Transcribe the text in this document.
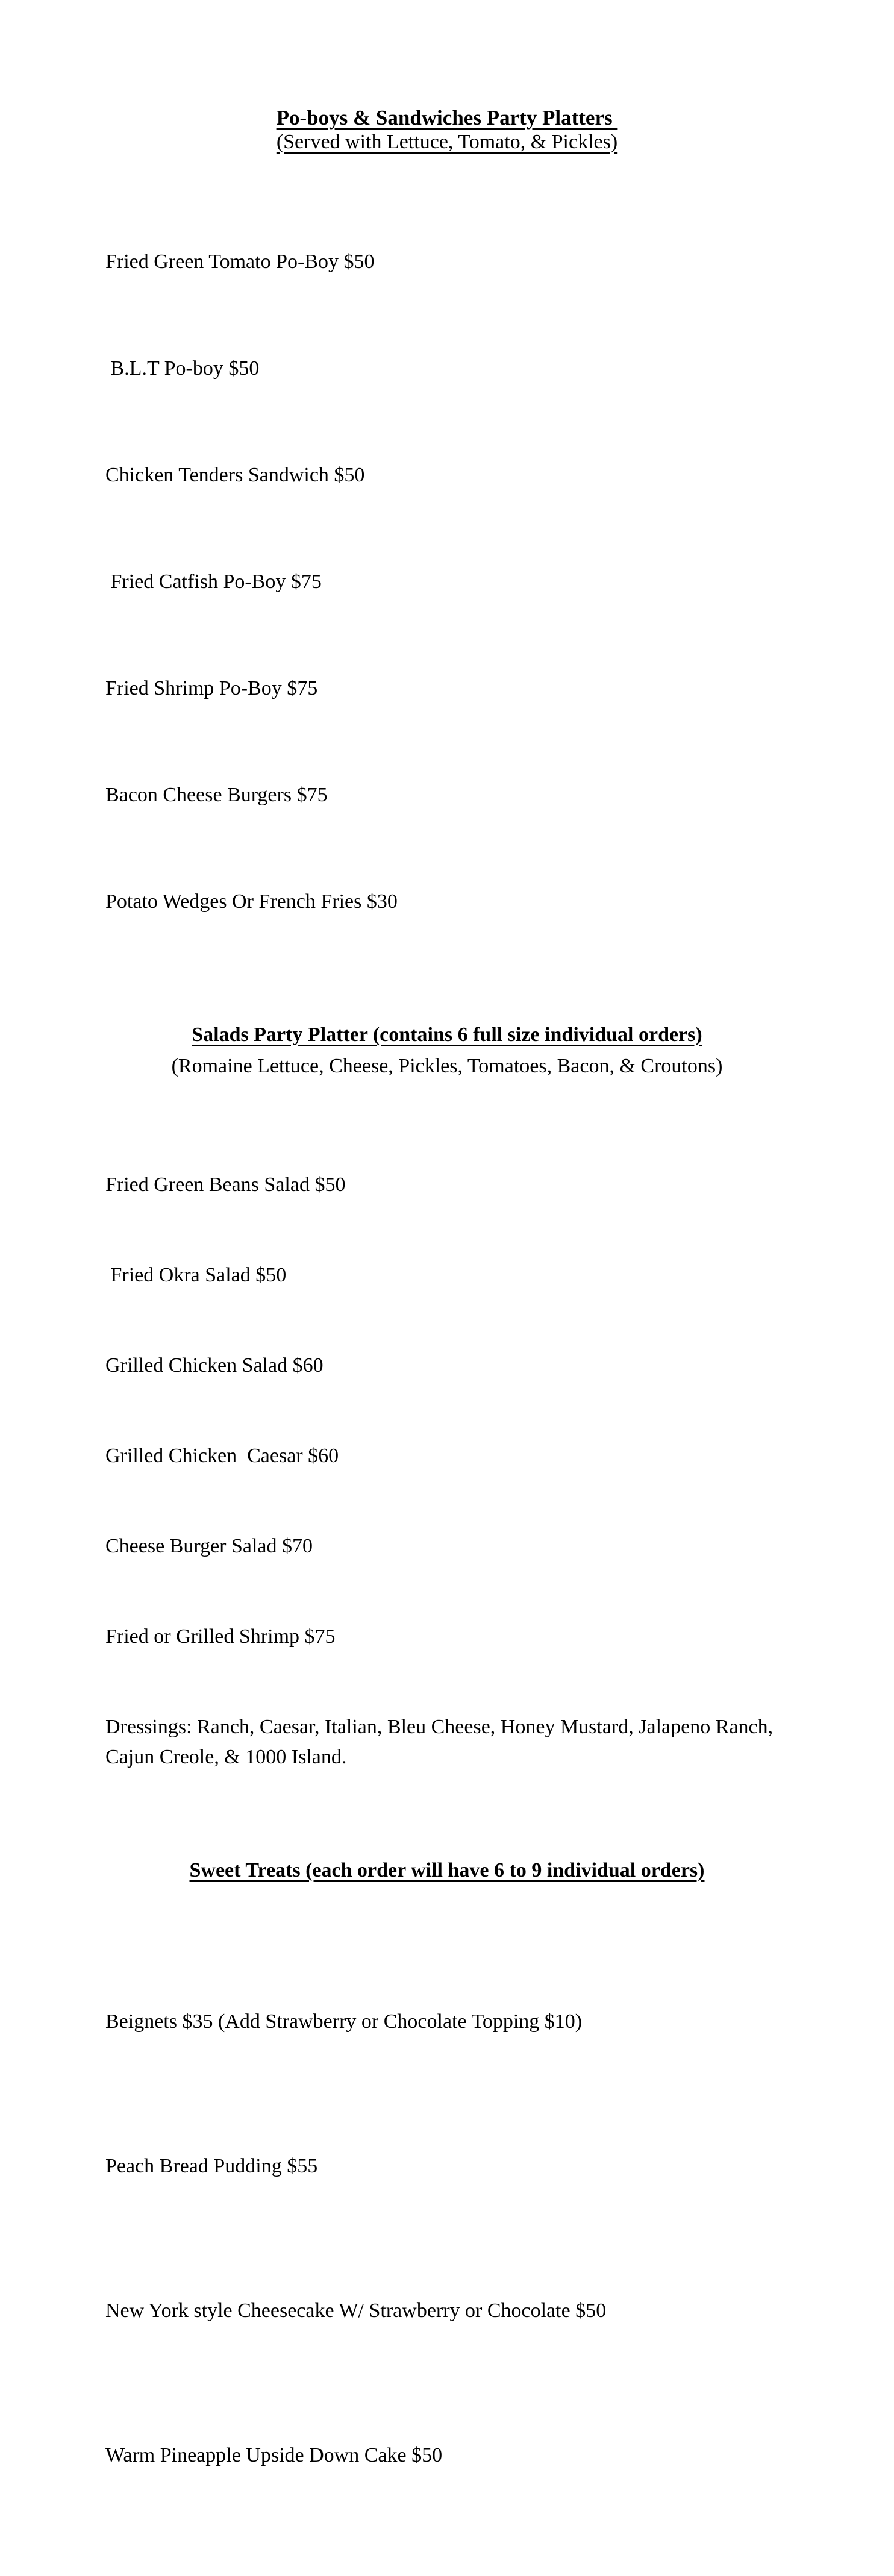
Po-boys & Sandwiches Party Platters
(Served with Lettuce, Tomato, & Pickles)

Fried Green Tomato Po-Boy $50

B.L.T Po-boy $50

Chicken Tenders Sandwich $50

Fried Catfish Po-Boy $75

Fried Shrimp Po-Boy $75

Bacon Cheese Burgers $75

Potato Wedges Or French Fries $30

Salads Party Platter (contains 6 full size individual orders)
(Romaine Lettuce, Cheese, Pickles, Tomatoes, Bacon, & Croutons)

Fried Green Beans Salad $50

Fried Okra Salad $50

Grilled Chicken Salad $60

Grilled Chicken  Caesar $60

Cheese Burger Salad $70

Fried or Grilled Shrimp $75

Dressings: Ranch, Caesar, Italian, Bleu Cheese, Honey Mustard, Jalapeno Ranch, Cajun Creole, & 1000 Island.

Sweet Treats (each order will have 6 to 9 individual orders)

Beignets $35 (Add Strawberry or Chocolate Topping $10)

Peach Bread Pudding $55

New York style Cheesecake W/ Strawberry or Chocolate $50

Warm Pineapple Upside Down Cake $50
